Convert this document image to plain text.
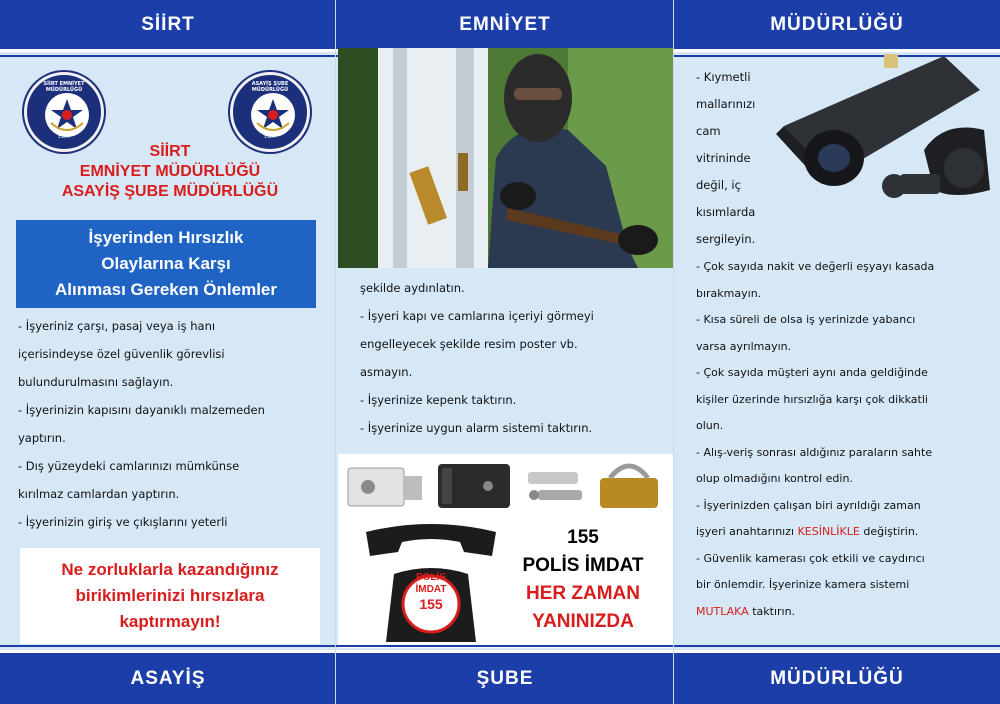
SİİRT
SİİRT EMNİYET MÜDÜRLÜĞÜ
EGM
ASAYİŞ ŞUBE MÜDÜRLÜĞÜ
EGM
SİİRT
EMNİYET MÜDÜRLÜĞÜ
ASAYİŞ ŞUBE MÜDÜRLÜĞÜ
İşyerinden Hırsızlık
Olaylarına Karşı
Alınması Gereken Önlemler

- İşyeriniz çarşı, pasaj veya iş hanı

içerisindeyse özel güvenlik görevlisi

bulundurulmasını sağlayın.

- İşyerinizin kapısını dayanıklı malzemeden

yaptırın.

- Dış yüzeydeki camlarınızı mümkünse

kırılmaz camlardan yaptırın.

- İşyerinizin giriş ve çıkışlarını yeterli

Ne zorluklarla kazandığınız
birikimlerinizi hırsızlara
kaptırmayın!
ASAYİŞ
EMNİYET

şekilde aydınlatın.

- İşyeri kapı ve camlarına içeriyi görmeyi

engelleyecek şekilde resim poster vb.

asmayın.

- İşyerinize kepenk taktırın.

- İşyerinize uygun alarm sistemi taktırın.

POLİS
İMDAT
155
155
POLİS İMDAT
HER ZAMAN
YANINIZDA
ŞUBE
MÜDÜRLÜĞÜ

- Kıymetli

mallarınızı

cam

vitrininde

değil, iç

kısımlarda

sergileyin.

- Çok sayıda nakit ve değerli eşyayı kasada

bırakmayın.

- Kısa süreli de olsa iş yerinizde yabancı

varsa ayrılmayın.

- Çok sayıda müşteri aynı anda geldiğinde

kişiler üzerinde hırsızlığa karşı çok dikkatli

olun.

- Alış-veriş sonrası aldığınız paraların sahte

olup olmadığını kontrol edin.

- İşyerinizden çalışan biri ayrıldığı zaman

işyeri anahtarınızı KESİNLİKLE değiştirin.

- Güvenlik kamerası çok etkili ve caydırıcı

bir önlemdir. İşyerinize kamera sistemi

MUTLAKA taktırın.

MÜDÜRLÜĞÜ
